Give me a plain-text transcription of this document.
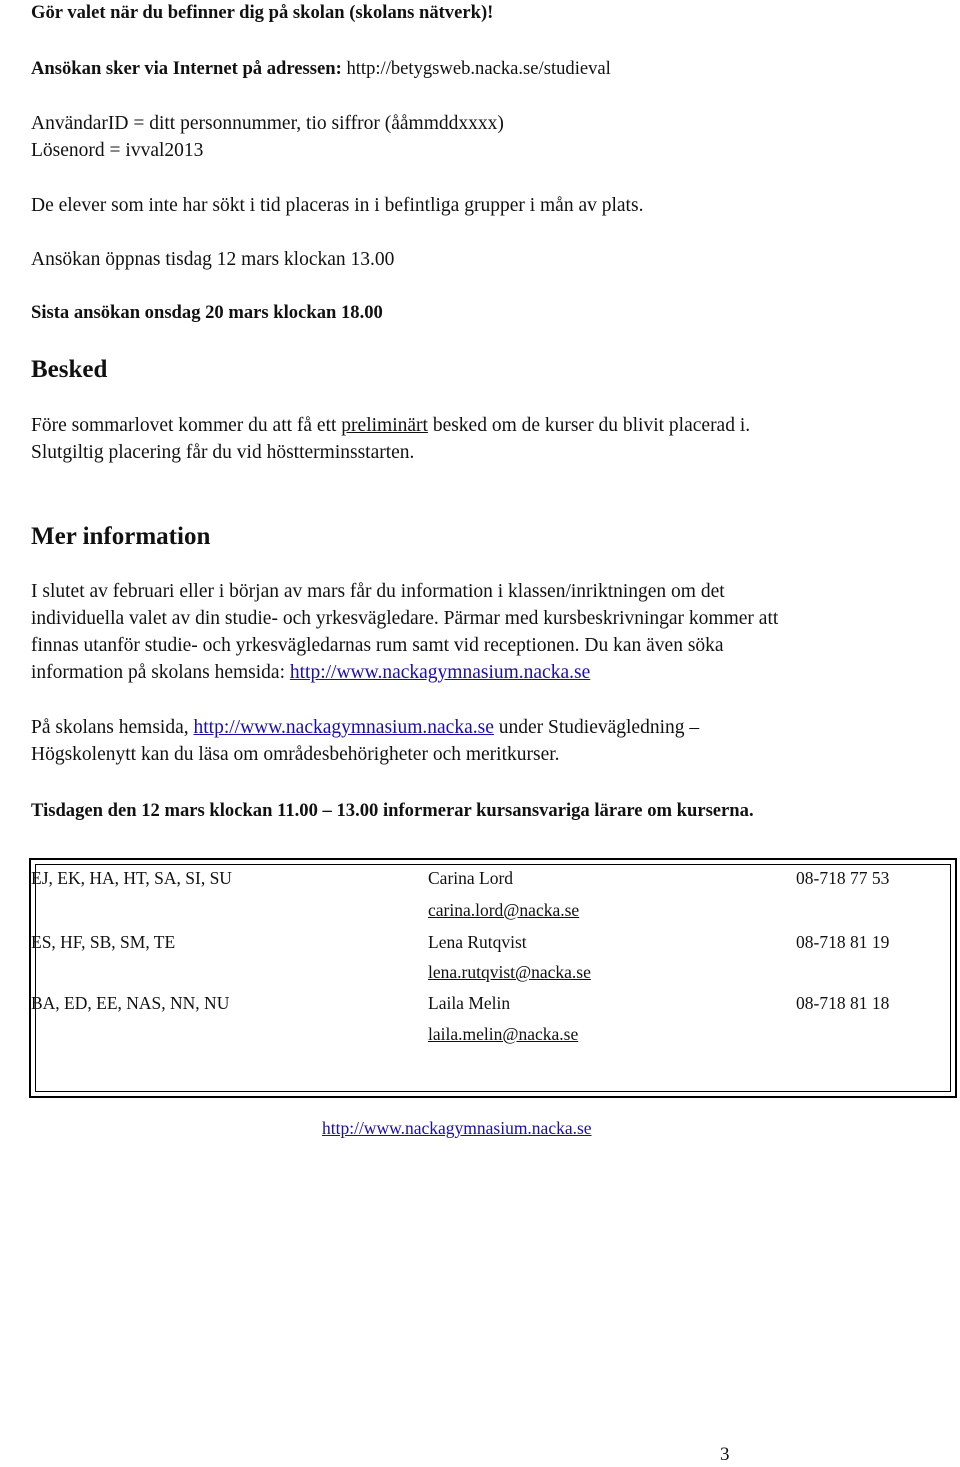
Gör valet när du befinner dig på skolan (skolans nätverk)!
Ansökan sker via Internet på adressen: http://betygsweb.nacka.se/studieval
AnvändarID = ditt personnummer, tio siffror (ååmmddxxxx)
Lösenord = ivval2013
De elever som inte har sökt i tid placeras in i befintliga grupper i mån av plats.
Ansökan öppnas tisdag 12 mars klockan 13.00
Sista ansökan onsdag 20 mars klockan 18.00
Besked
Före sommarlovet kommer du att få ett preliminärt besked om de kurser du blivit placerad i.
Slutgiltig placering får du vid höstterminsstarten.
Mer information
I slutet av februari eller i början av mars får du information i klassen/inriktningen om det
individuella valet av din studie- och yrkesvägledare. Pärmar med kursbeskrivningar kommer att
finnas utanför studie- och yrkesvägledarnas rum samt vid receptionen. Du kan även söka
information på skolans hemsida: http://www.nackagymnasium.nacka.se
På skolans hemsida, http://www.nackagymnasium.nacka.se under Studievägledning –
Högskolenytt kan du läsa om områdesbehörigheter och meritkurser.
Tisdagen den 12 mars klockan 11.00 – 13.00 informerar kursansvariga lärare om kurserna.
EJ, EK, HA, HT, SA, SI, SU	Carina Lord	08-718 77 53
carina.lord@nacka.se
ES, HF, SB, SM, TE	Lena Rutqvist	08-718 81 19
lena.rutqvist@nacka.se
BA, ED, EE, NAS, NN, NU	Laila Melin	08-718 81 18
laila.melin@nacka.se
http://www.nackagymnasium.nacka.se
3
